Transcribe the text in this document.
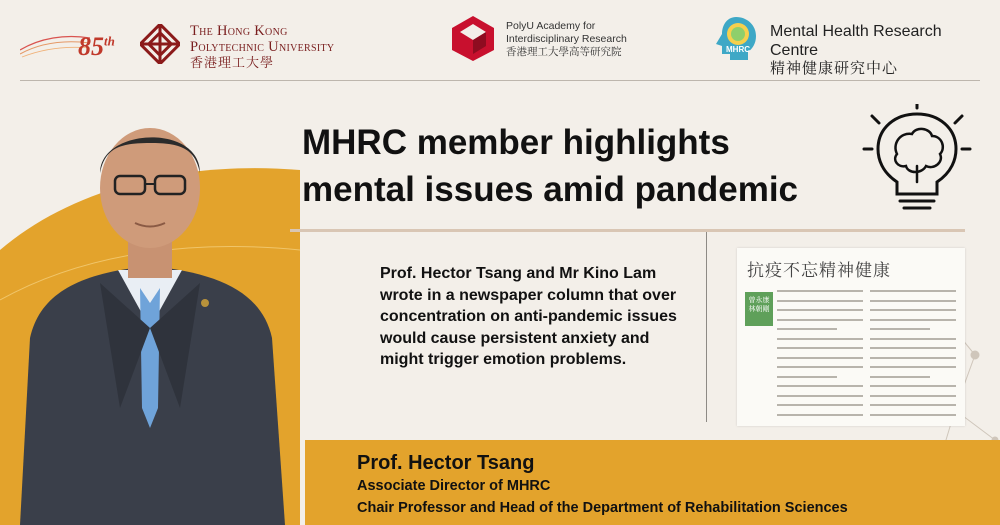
85th
The Hong Kong
Polytechnic University
香港理工大學
PolyU Academy for
Interdisciplinary Research
香港理工大學高等研究院	MHRC
Mental Health Research Centre
精神健康研究中心
MHRC member highlights
mental issues amid pandemic

Prof. Hector Tsang and Mr Kino Lam wrote in a newspaper column that over concentration on anti-pandemic issues would cause persistent anxiety and might trigger emotion problems.

抗疫不忘精神健康
曾永康 林朝剛
Prof. Hector Tsang
Associate Director of MHRC
Chair Professor and Head of the Department of Rehabilitation Sciences
